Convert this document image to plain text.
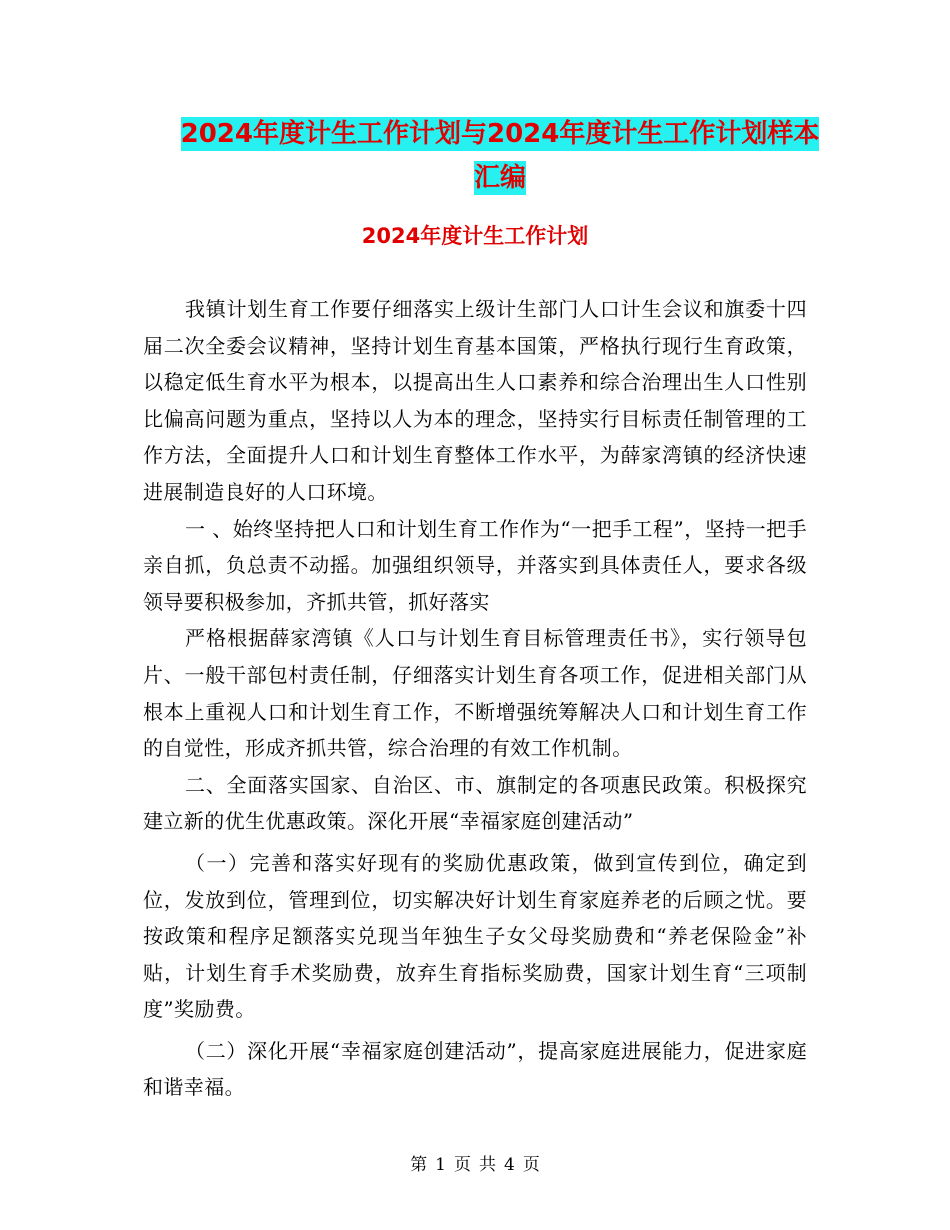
2024年度计生工作计划与2024年度计生工作计划样本
汇编
2024年度计生工作计划

我镇计划生育工作要仔细落实上级计生部门人口计生会议和旗委十四届二次全委会议精神，坚持计划生育基本国策，严格执行现行生育政策，以稳定低生育水平为根本，以提高出生人口素养和综合治理出生人口性别比偏高问题为重点，坚持以人为本的理念，坚持实行目标责任制管理的工作方法，全面提升人口和计划生育整体工作水平，为薛家湾镇的经济快速进展制造良好的人口环境。

一 、始终坚持把人口和计划生育工作作为“一把手工程”，坚持一把手亲自抓，负总责不动摇。加强组织领导，并落实到具体责任人，要求各级领导要积极参加，齐抓共管，抓好落实

严格根据薛家湾镇《人口与计划生育目标管理责任书》，实行领导包片、一般干部包村责任制，仔细落实计划生育各项工作，促进相关部门从根本上重视人口和计划生育工作，不断增强统筹解决人口和计划生育工作的自觉性，形成齐抓共管，综合治理的有效工作机制。

二、全面落实国家、自治区、市、旗制定的各项惠民政策。积极探究建立新的优生优惠政策。深化开展“幸福家庭创建活动”

（一）完善和落实好现有的奖励优惠政策，做到宣传到位，确定到位，发放到位，管理到位，切实解决好计划生育家庭养老的后顾之忧。要按政策和程序足额落实兑现当年独生子女父母奖励费和“养老保险金”补贴，计划生育手术奖励费，放弃生育指标奖励费，国家计划生育“三项制度”奖励费。

（二）深化开展“幸福家庭创建活动”，提高家庭进展能力，促进家庭和谐幸福。

第 1 页 共 4 页
